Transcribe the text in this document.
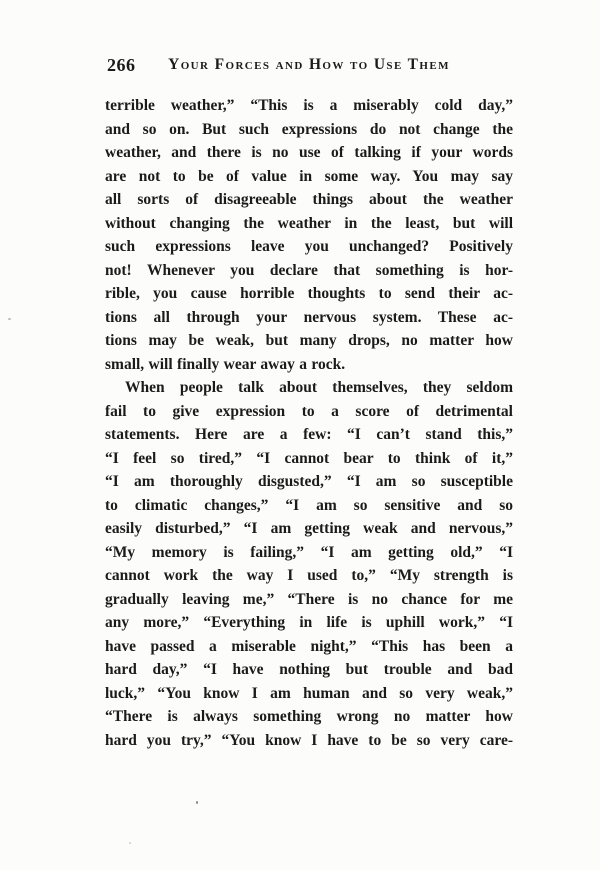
266	Your Forces and How to Use Them
terrible weather,” “This is a miserably cold day,”
and so on. But such expressions do not change the
weather, and there is no use of talking if your words
are not to be of value in some way. You may say
all sorts of disagreeable things about the weather
without changing the weather in the least, but will
such expressions leave you unchanged? Positively
not! Whenever you declare that something is hor-
rible, you cause horrible thoughts to send their ac-
tions all through your nervous system. These ac-
tions may be weak, but many drops, no matter how
small, will finally wear away a rock.
When people talk about themselves, they seldom
fail to give expression to a score of detrimental
statements. Here are a few: “I can’t stand this,”
“I feel so tired,” “I cannot bear to think of it,”
“I am thoroughly disgusted,” “I am so susceptible
to climatic changes,” “I am so sensitive and so
easily disturbed,” “I am getting weak and nervous,”
“My memory is failing,” “I am getting old,” “I
cannot work the way I used to,” “My strength is
gradually leaving me,” “There is no chance for me
any more,” “Everything in life is uphill work,” “I
have passed a miserable night,” “This has been a
hard day,” “I have nothing but trouble and bad
luck,” “You know I am human and so very weak,”
“There is always something wrong no matter how
hard you try,” “You know I have to be so very care-
